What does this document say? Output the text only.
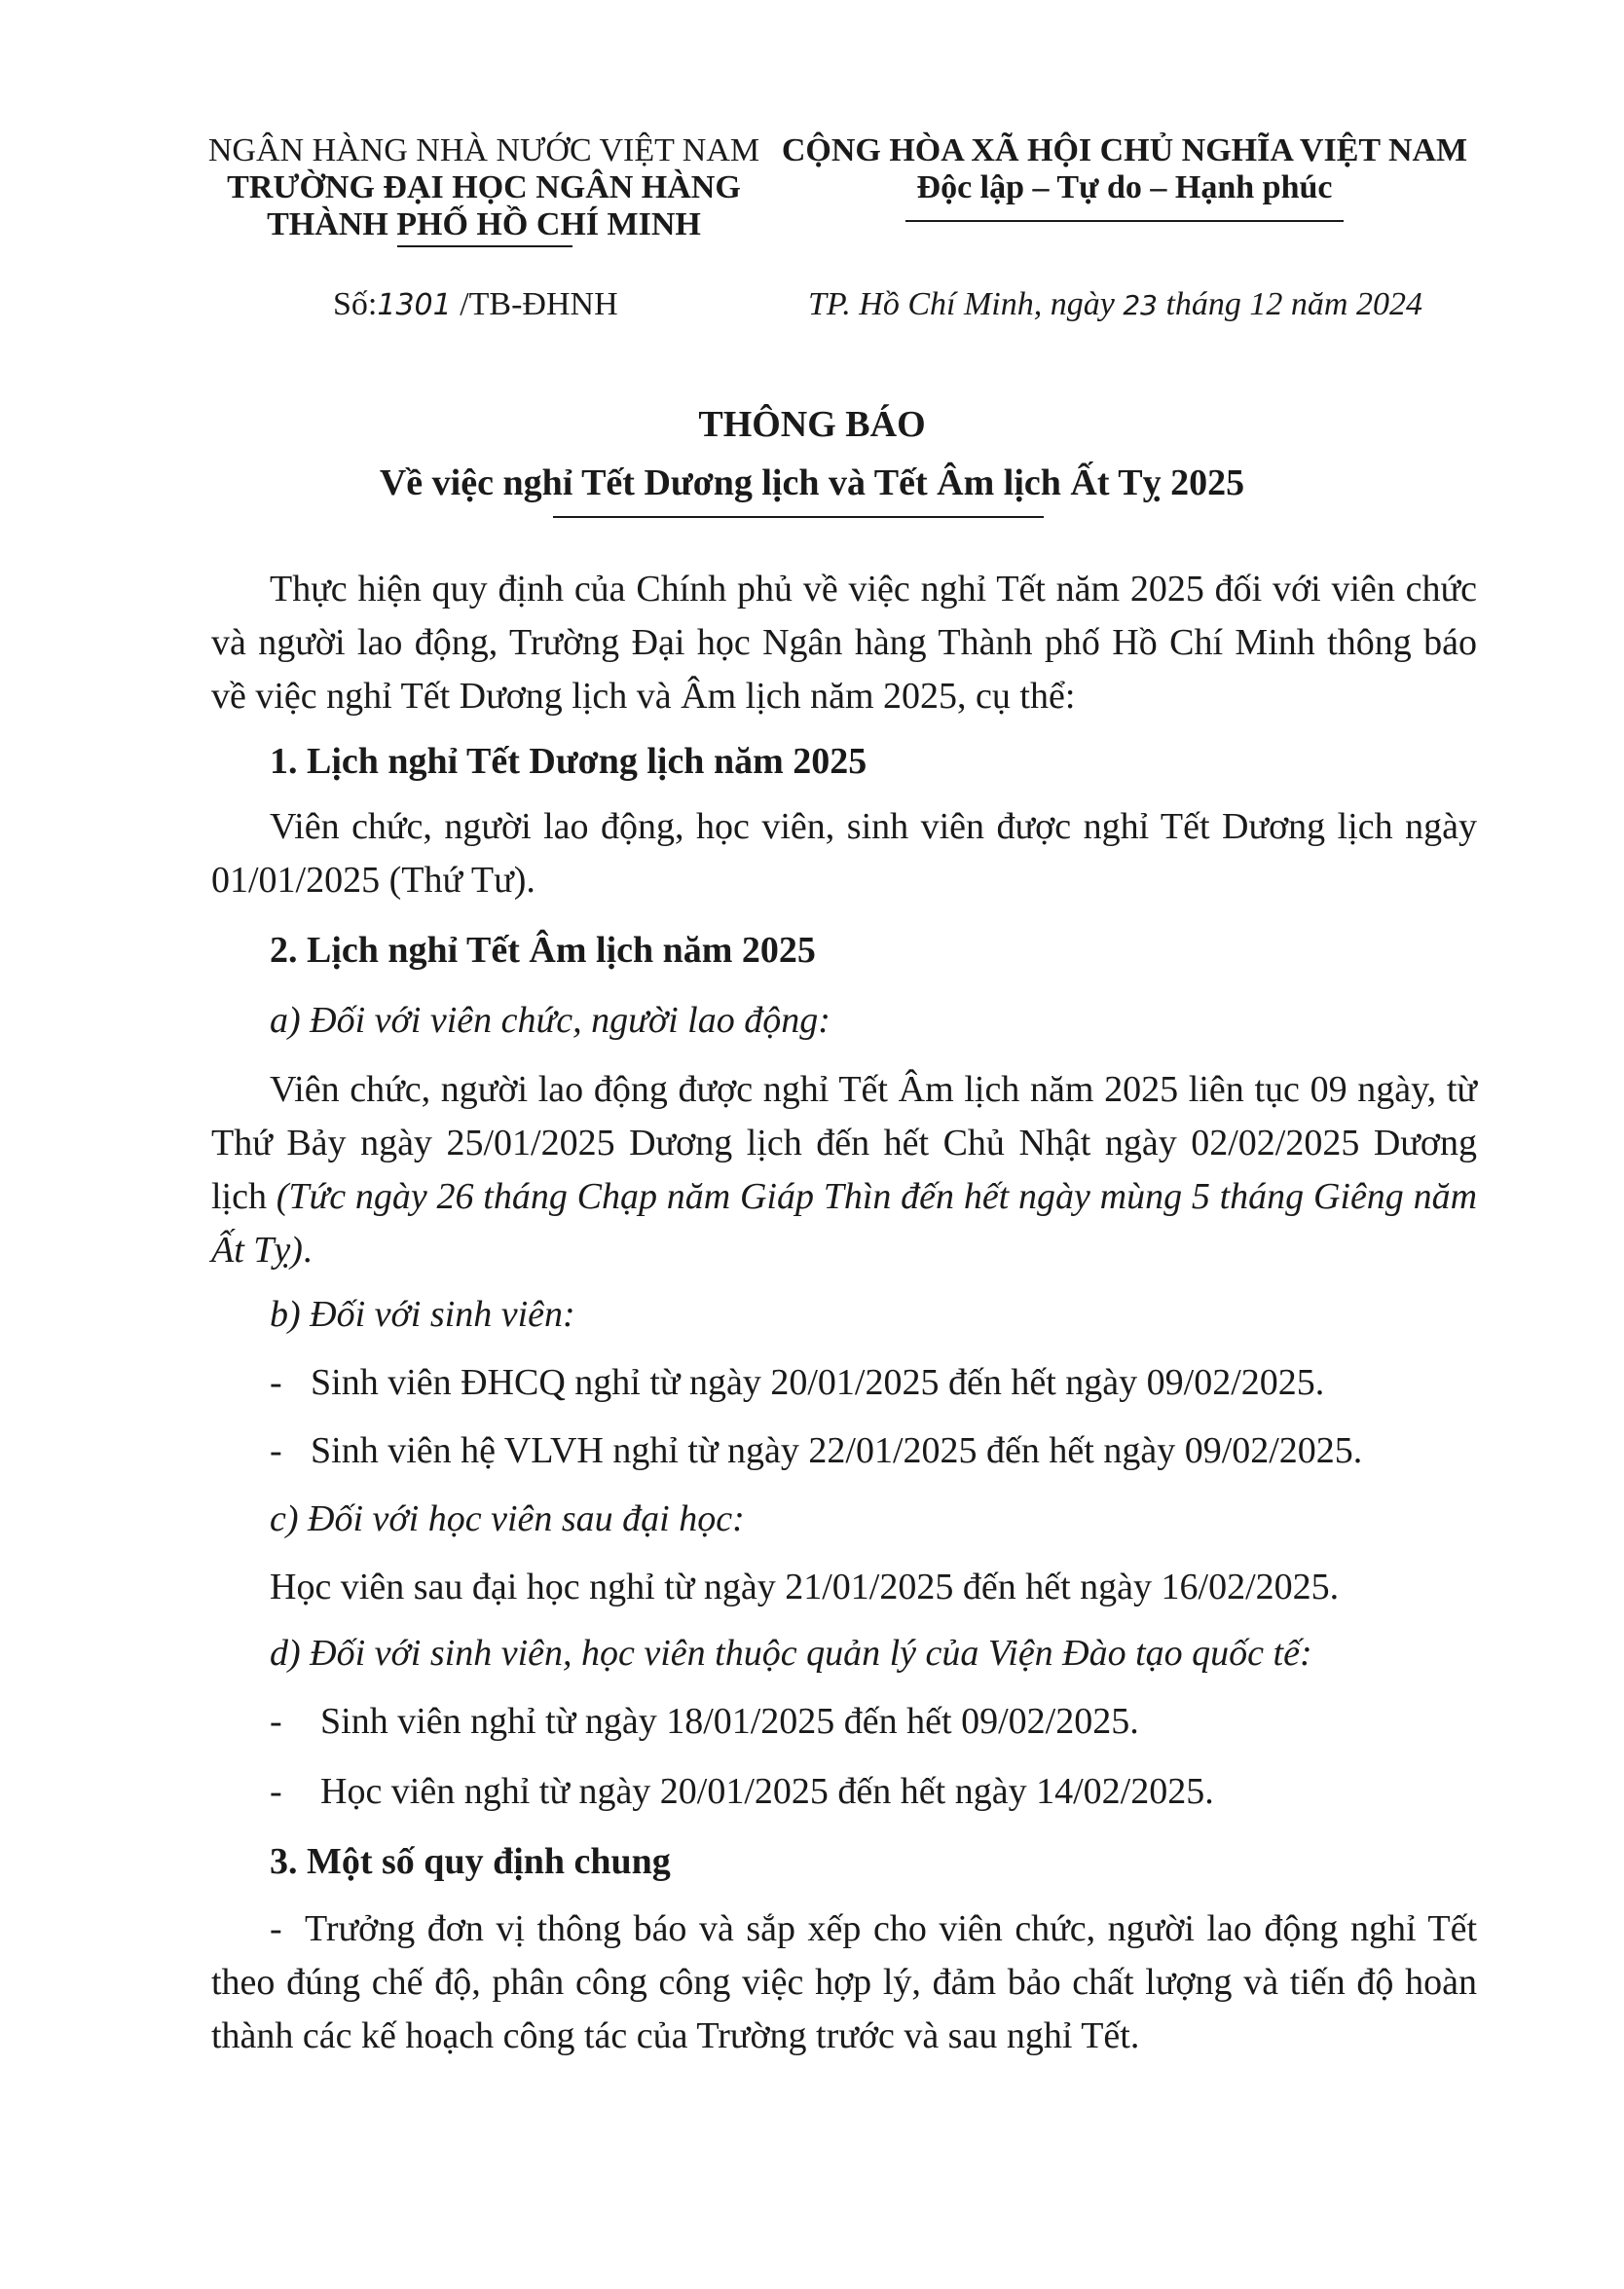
NGÂN HÀNG NHÀ NƯỚC VIỆT NAM
TRƯỜNG ĐẠI HỌC NGÂN HÀNG
THÀNH PHỐ HỒ CHÍ MINH
CỘNG HÒA XÃ HỘI CHỦ NGHĨA VIỆT NAM
Độc lập – Tự do – Hạnh phúc
Số:1301 /TB-ĐHNH	TP. Hồ Chí Minh, ngày 23 tháng 12 năm 2024
THÔNG BÁO
Về việc nghỉ Tết Dương lịch và Tết Âm lịch Ất Tỵ 2025
Thực hiện quy định của Chính phủ về việc nghỉ Tết năm 2025 đối với viên chức và người lao động, Trường Đại học Ngân hàng Thành phố Hồ Chí Minh thông báo về việc nghỉ Tết Dương lịch và Âm lịch năm 2025, cụ thể:
1. Lịch nghỉ Tết Dương lịch năm 2025
Viên chức, người lao động, học viên, sinh viên được nghỉ Tết Dương lịch ngày 01/01/2025 (Thứ Tư).
2. Lịch nghỉ Tết Âm lịch năm 2025
a) Đối với viên chức, người lao động:
Viên chức, người lao động được nghỉ Tết Âm lịch năm 2025 liên tục 09 ngày, từ Thứ Bảy ngày 25/01/2025 Dương lịch đến hết Chủ Nhật ngày 02/02/2025 Dương lịch (Tức ngày 26 tháng Chạp năm Giáp Thìn đến hết ngày mùng 5 tháng Giêng năm Ất Tỵ).
b) Đối với sinh viên:
- Sinh viên ĐHCQ nghỉ từ ngày 20/01/2025 đến hết ngày 09/02/2025.
- Sinh viên hệ VLVH nghỉ từ ngày 22/01/2025 đến hết ngày 09/02/2025.
c) Đối với học viên sau đại học:
Học viên sau đại học nghỉ từ ngày 21/01/2025 đến hết ngày 16/02/2025.
d) Đối với sinh viên, học viên thuộc quản lý của Viện Đào tạo quốc tế:
- Sinh viên nghỉ từ ngày 18/01/2025 đến hết 09/02/2025.
- Học viên nghỉ từ ngày 20/01/2025 đến hết ngày 14/02/2025.
3. Một số quy định chung
- Trưởng đơn vị thông báo và sắp xếp cho viên chức, người lao động nghỉ Tết theo đúng chế độ, phân công công việc hợp lý, đảm bảo chất lượng và tiến độ hoàn thành các kế hoạch công tác của Trường trước và sau nghỉ Tết.
